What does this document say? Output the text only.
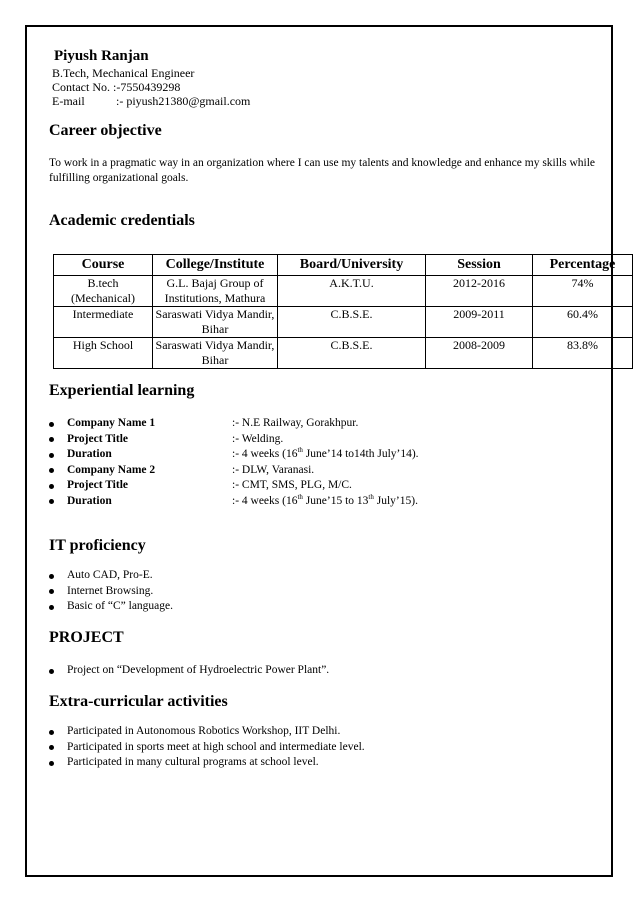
Piyush Ranjan
B.Tech, Mechanical Engineer
Contact No. :-7550439298
E-mail	:- piyush21380@gmail.com
Career objective
To work in a pragmatic way in an organization where I can use my talents and knowledge and enhance my skills while fulfilling organizational goals.
Academic credentials
Course	College/Institute	Board/University	Session	Percentage
B.tech (Mechanical)	G.L. Bajaj Group of Institutions, Mathura	A.K.T.U.	2012-2016	74%
Intermediate	Saraswati Vidya Mandir, Bihar	C.B.S.E.	2009-2011	60.4%
High School	Saraswati Vidya Mandir, Bihar	C.B.S.E.	2008-2009	83.8%
Experiential learning
Company Name 1	:- N.E Railway, Gorakhpur.
Project Title	:- Welding.
Duration	:- 4 weeks (16th June’14 to14th July’14).
Company Name 2	:- DLW, Varanasi.
Project Title	:- CMT, SMS, PLG, M/C.
Duration	:- 4 weeks (16th June’15 to 13th July’15).
IT proficiency
Auto CAD, Pro-E.
Internet Browsing.
Basic of “C” language.
PROJECT
Project on “Development of Hydroelectric Power Plant”.
Extra-curricular activities
Participated in Autonomous Robotics Workshop, IIT Delhi.
Participated in sports meet at high school and intermediate level.
Participated in many cultural programs at school level.
